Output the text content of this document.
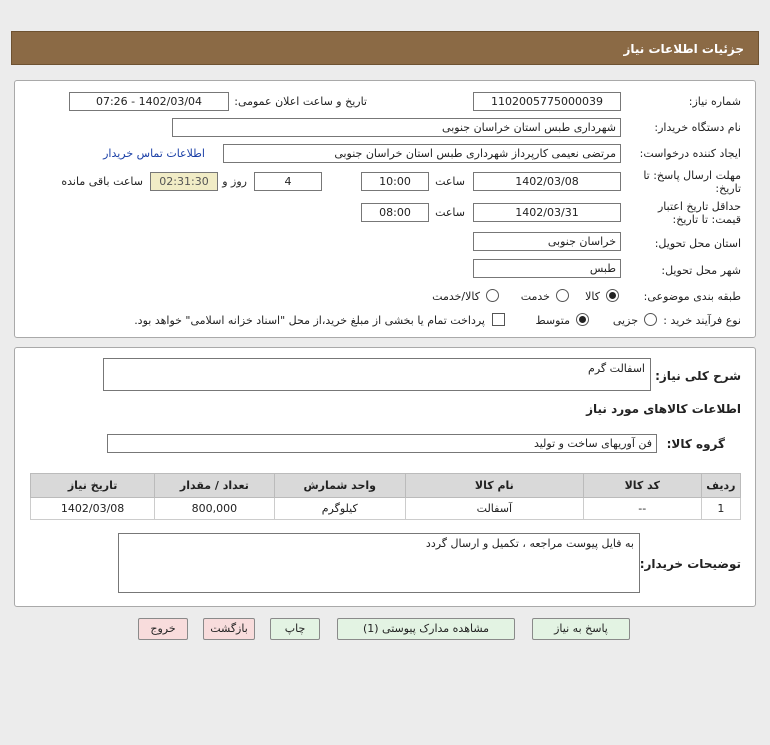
جزئیات اطلاعات نیاز
شماره نیاز:
1102005775000039
تاریخ و ساعت اعلان عمومی:
1402/03/04 - 07:26
نام دستگاه خریدار:
شهرداری طبس استان خراسان جنوبی
ایجاد کننده درخواست:
مرتضی نعیمی کارپرداز شهرداری طبس استان خراسان جنوبی
اطلاعات تماس خریدار
مهلت ارسال پاسخ: تا
تاریخ:
1402/03/08
ساعت
10:00
4
روز و
02:31:30
ساعت باقی مانده
حداقل تاریخ اعتبار
قیمت: تا تاریخ:
1402/03/31
ساعت
08:00
استان محل تحویل:
خراسان جنوبی
شهر محل تحویل:
طبس
طبقه بندی موضوعی:
کالا
خدمت
کالا/خدمت
نوع فرآیند خرید :
جزیی
متوسط
پرداخت تمام یا بخشی از مبلغ خرید،از محل "اسناد خزانه اسلامی" خواهد بود.
شرح کلی نیاز:
اسفالت گرم
اطلاعات کالاهای مورد نیاز
گروه کالا:
فن آوریهای ساخت و تولید
ردیف	کد کالا	نام کالا	واحد شمارش	تعداد / مقدار	تاریخ نیاز
1	--	آسفالت	کیلوگرم	800,000	1402/03/08
توضیحات خریدار:
به فایل پیوست مراجعه ، تکمیل و ارسال گردد
پاسخ به نیاز
مشاهده مدارک پیوستی (1)
چاپ
بازگشت
خروج
